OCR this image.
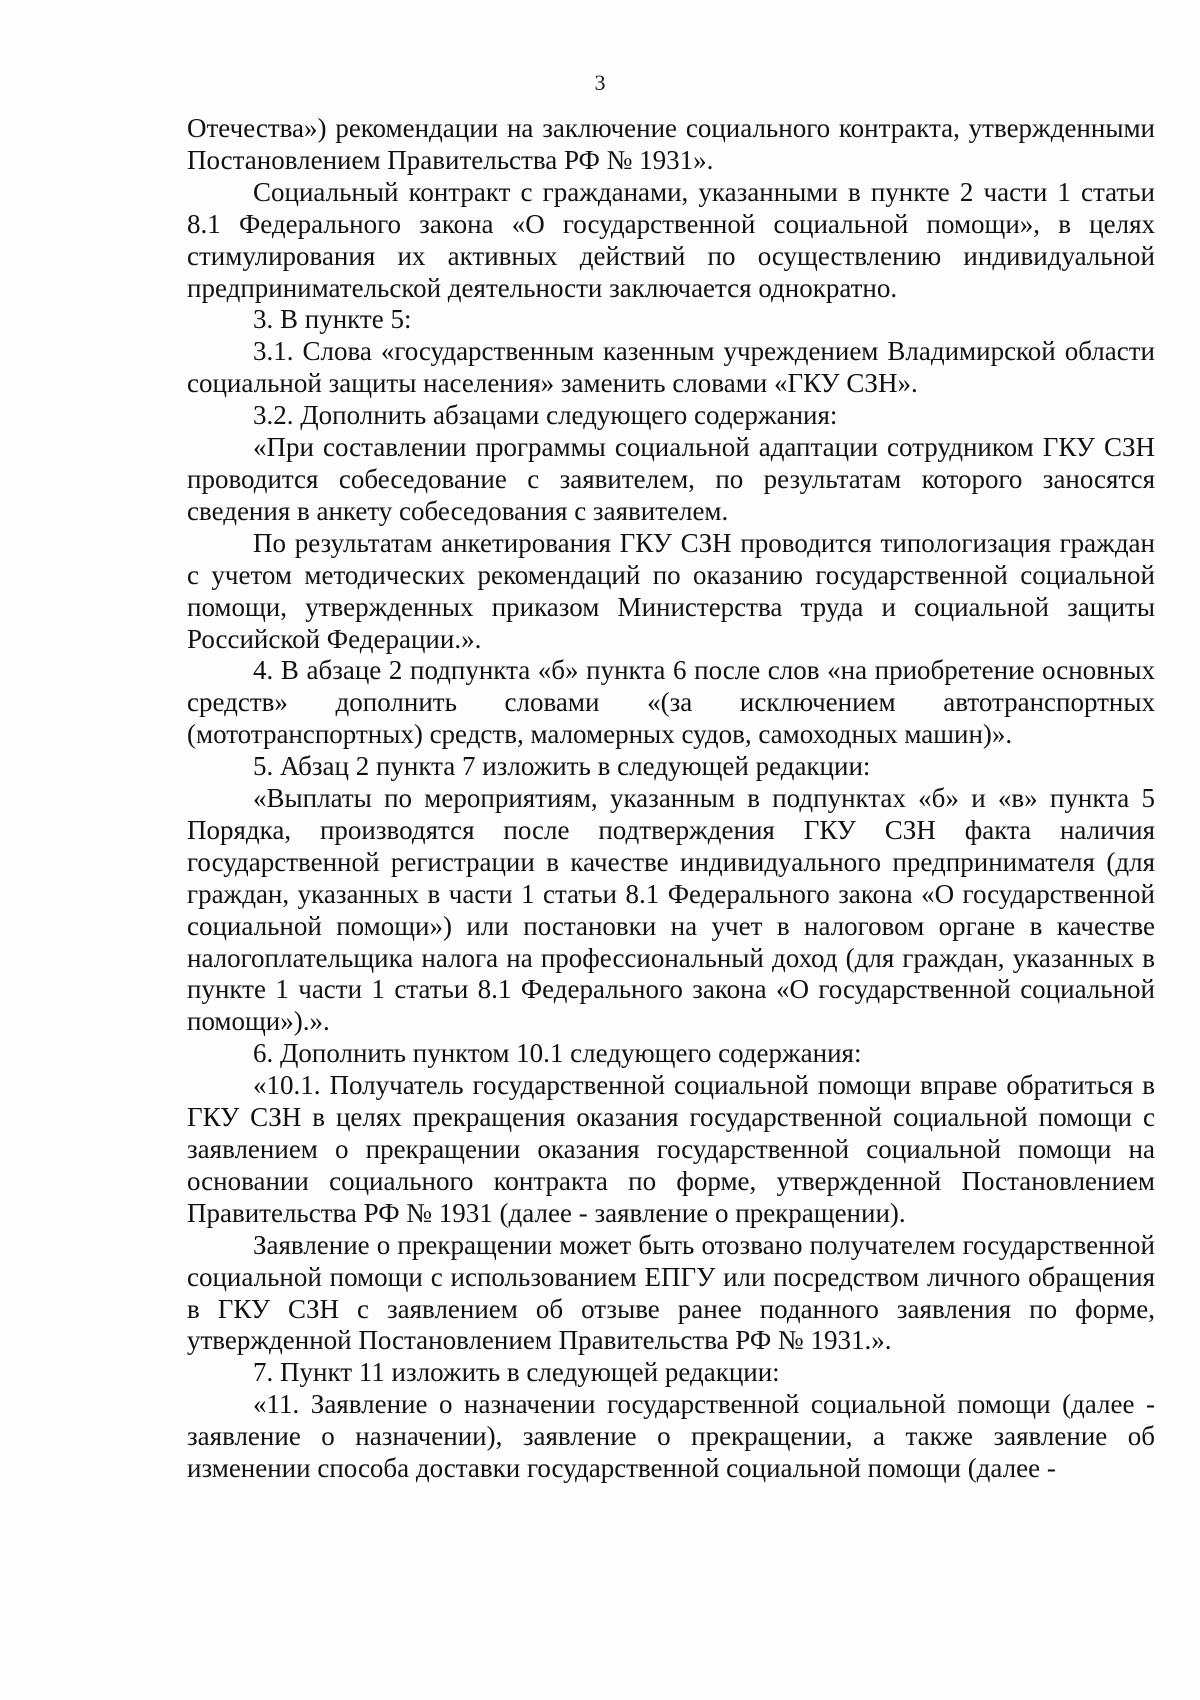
3

Отечества») рекомендации на заключение социального контракта, утвержденными Постановлением Правительства РФ № 1931».

Социальный контракт с гражданами, указанными в пункте 2 части 1 статьи 8.1 Федерального закона «О государственной социальной помощи», в целях стимулирования их активных действий по осуществлению индивидуальной предпринимательской деятельности заключается однократно.

3. В пункте 5:

3.1. Слова «государственным казенным учреждением Владимирской области социальной защиты населения» заменить словами «ГКУ СЗН».

3.2. Дополнить абзацами следующего содержания:

«При составлении программы социальной адаптации сотрудником ГКУ СЗН проводится собеседование с заявителем, по результатам которого заносятся сведения в анкету собеседования с заявителем.

По результатам анкетирования ГКУ СЗН проводится типологизация граждан с учетом методических рекомендаций по оказанию государственной социальной помощи, утвержденных приказом Министерства труда и социальной защиты Российской Федерации.».

4. В абзаце 2 подпункта «б» пункта 6 после слов «на приобретение основных средств» дополнить словами «(за исключением автотранспортных (мототранспортных) средств, маломерных судов, самоходных машин)».

5. Абзац 2 пункта 7 изложить в следующей редакции:

«Выплаты по мероприятиям, указанным в подпунктах «б» и «в» пункта 5 Порядка, производятся после подтверждения ГКУ СЗН факта наличия государственной регистрации в качестве индивидуального предпринимателя (для граждан, указанных в части 1 статьи 8.1 Федерального закона «О государственной социальной помощи») или постановки на учет в налоговом органе в качестве налогоплательщика налога на профессиональный доход (для граждан, указанных в пункте 1 части 1 статьи 8.1 Федерального закона «О государственной социальной помощи»).».

6. Дополнить пунктом 10.1 следующего содержания:

«10.1. Получатель государственной социальной помощи вправе обратиться в ГКУ СЗН в целях прекращения оказания государственной социальной помощи с заявлением о прекращении оказания государственной социальной помощи на основании социального контракта по форме, утвержденной Постановлением Правительства РФ № 1931 (далее - заявление о прекращении).

Заявление о прекращении может быть отозвано получателем государственной социальной помощи с использованием ЕПГУ или посредством личного обращения в ГКУ СЗН с заявлением об отзыве ранее поданного заявления по форме, утвержденной Постановлением Правительства РФ № 1931.».

7. Пункт 11 изложить в следующей редакции:

«11. Заявление о назначении государственной социальной помощи (далее - заявление о назначении), заявление о прекращении, а также заявление об изменении способа доставки государственной социальной помощи (далее -
